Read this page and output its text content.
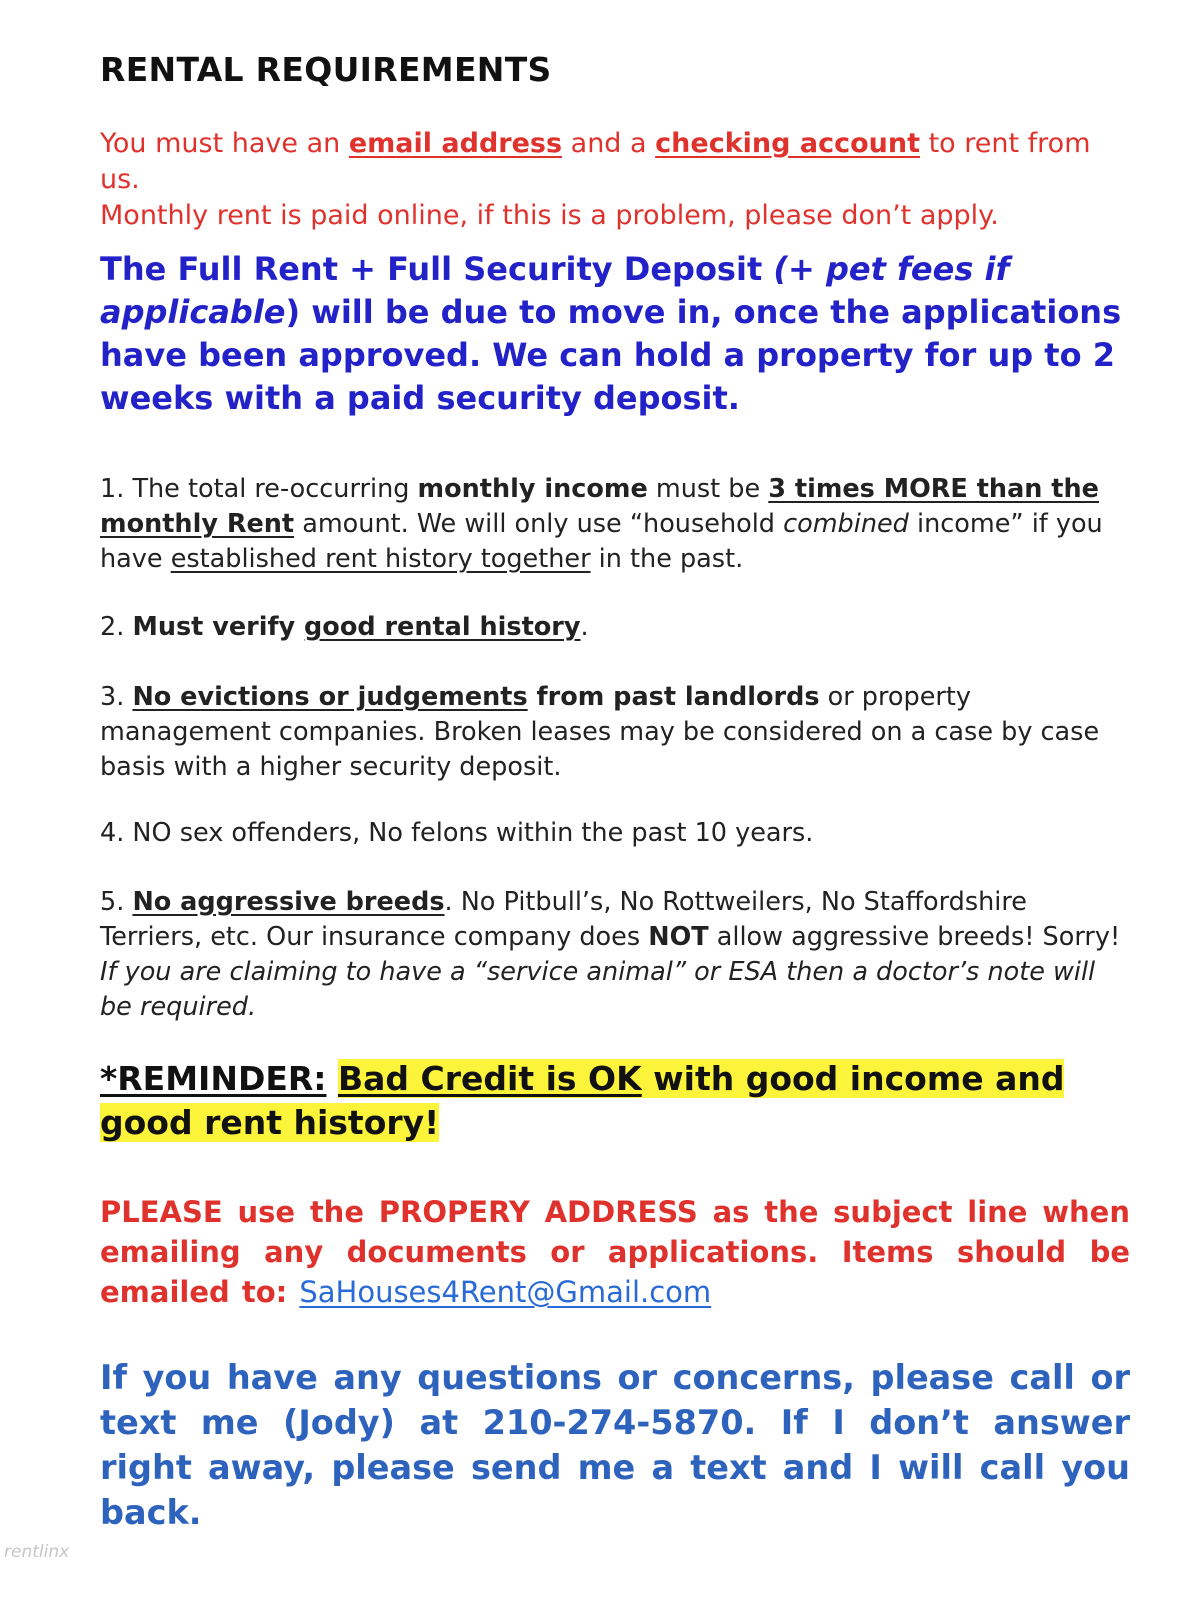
RENTAL REQUIREMENTS

You must have an email address and a checking account to rent from us.
Monthly rent is paid online, if this is a problem, please don’t apply.

The Full Rent + Full Security Deposit (+ pet fees if applicable) will be due to move in, once the applications have been approved. We can hold a property for up to 2 weeks with a paid security deposit.

1. The total re-occurring monthly income must be 3 times MORE than the monthly Rent amount. We will only use “household combined income” if you have established rent history together in the past.

2. Must verify good rental history.

3. No evictions or judgements from past landlords or property management companies. Broken leases may be considered on a case by case basis with a higher security deposit.

4. NO sex offenders, No felons within the past 10 years.

5. No aggressive breeds. No Pitbull’s, No Rottweilers, No Staffordshire Terriers, etc. Our insurance company does NOT allow aggressive breeds! Sorry! If you are claiming to have a “service animal” or ESA then a doctor’s note will be required.

*REMINDER: Bad Credit is OK with good income and good rent history!

PLEASE use the PROPERY ADDRESS as the subject line when emailing any documents or applications. Items should be emailed to: SaHouses4Rent@Gmail.com

If you have any questions or concerns, please call or text me (Jody) at 210-274-5870. If I don’t answer right away, please send me a text and I will call you back.

rentlinx
